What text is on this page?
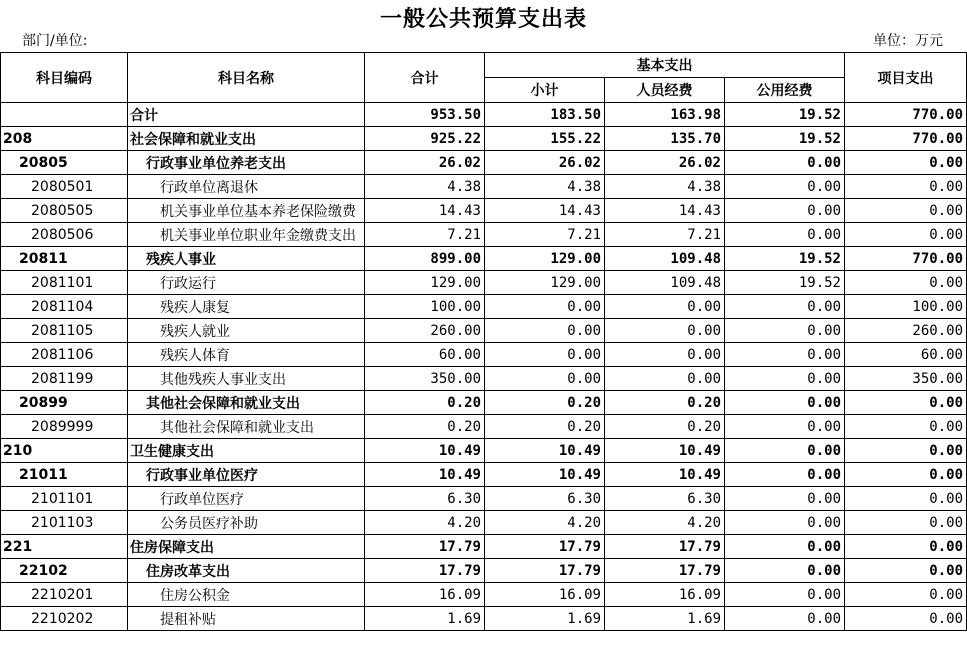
一般公共预算支出表
部门/单位:	单位：万元
科目编码	科目名称	合计	基本支出			项目支出
			小计	人员经费	公用经费	
	合计	953.50	183.50	163.98	19.52	770.00
208	社会保障和就业支出	925.22	155.22	135.70	19.52	770.00
20805	行政事业单位养老支出	26.02	26.02	26.02	0.00	0.00
2080501	行政单位离退休	4.38	4.38	4.38	0.00	0.00
2080505	机关事业单位基本养老保险缴费	14.43	14.43	14.43	0.00	0.00
2080506	机关事业单位职业年金缴费支出	7.21	7.21	7.21	0.00	0.00
20811	残疾人事业	899.00	129.00	109.48	19.52	770.00
2081101	行政运行	129.00	129.00	109.48	19.52	0.00
2081104	残疾人康复	100.00	0.00	0.00	0.00	100.00
2081105	残疾人就业	260.00	0.00	0.00	0.00	260.00
2081106	残疾人体育	60.00	0.00	0.00	0.00	60.00
2081199	其他残疾人事业支出	350.00	0.00	0.00	0.00	350.00
20899	其他社会保障和就业支出	0.20	0.20	0.20	0.00	0.00
2089999	其他社会保障和就业支出	0.20	0.20	0.20	0.00	0.00
210	卫生健康支出	10.49	10.49	10.49	0.00	0.00
21011	行政事业单位医疗	10.49	10.49	10.49	0.00	0.00
2101101	行政单位医疗	6.30	6.30	6.30	0.00	0.00
2101103	公务员医疗补助	4.20	4.20	4.20	0.00	0.00
221	住房保障支出	17.79	17.79	17.79	0.00	0.00
22102	住房改革支出	17.79	17.79	17.79	0.00	0.00
2210201	住房公积金	16.09	16.09	16.09	0.00	0.00
2210202	提租补贴	1.69	1.69	1.69	0.00	0.00
